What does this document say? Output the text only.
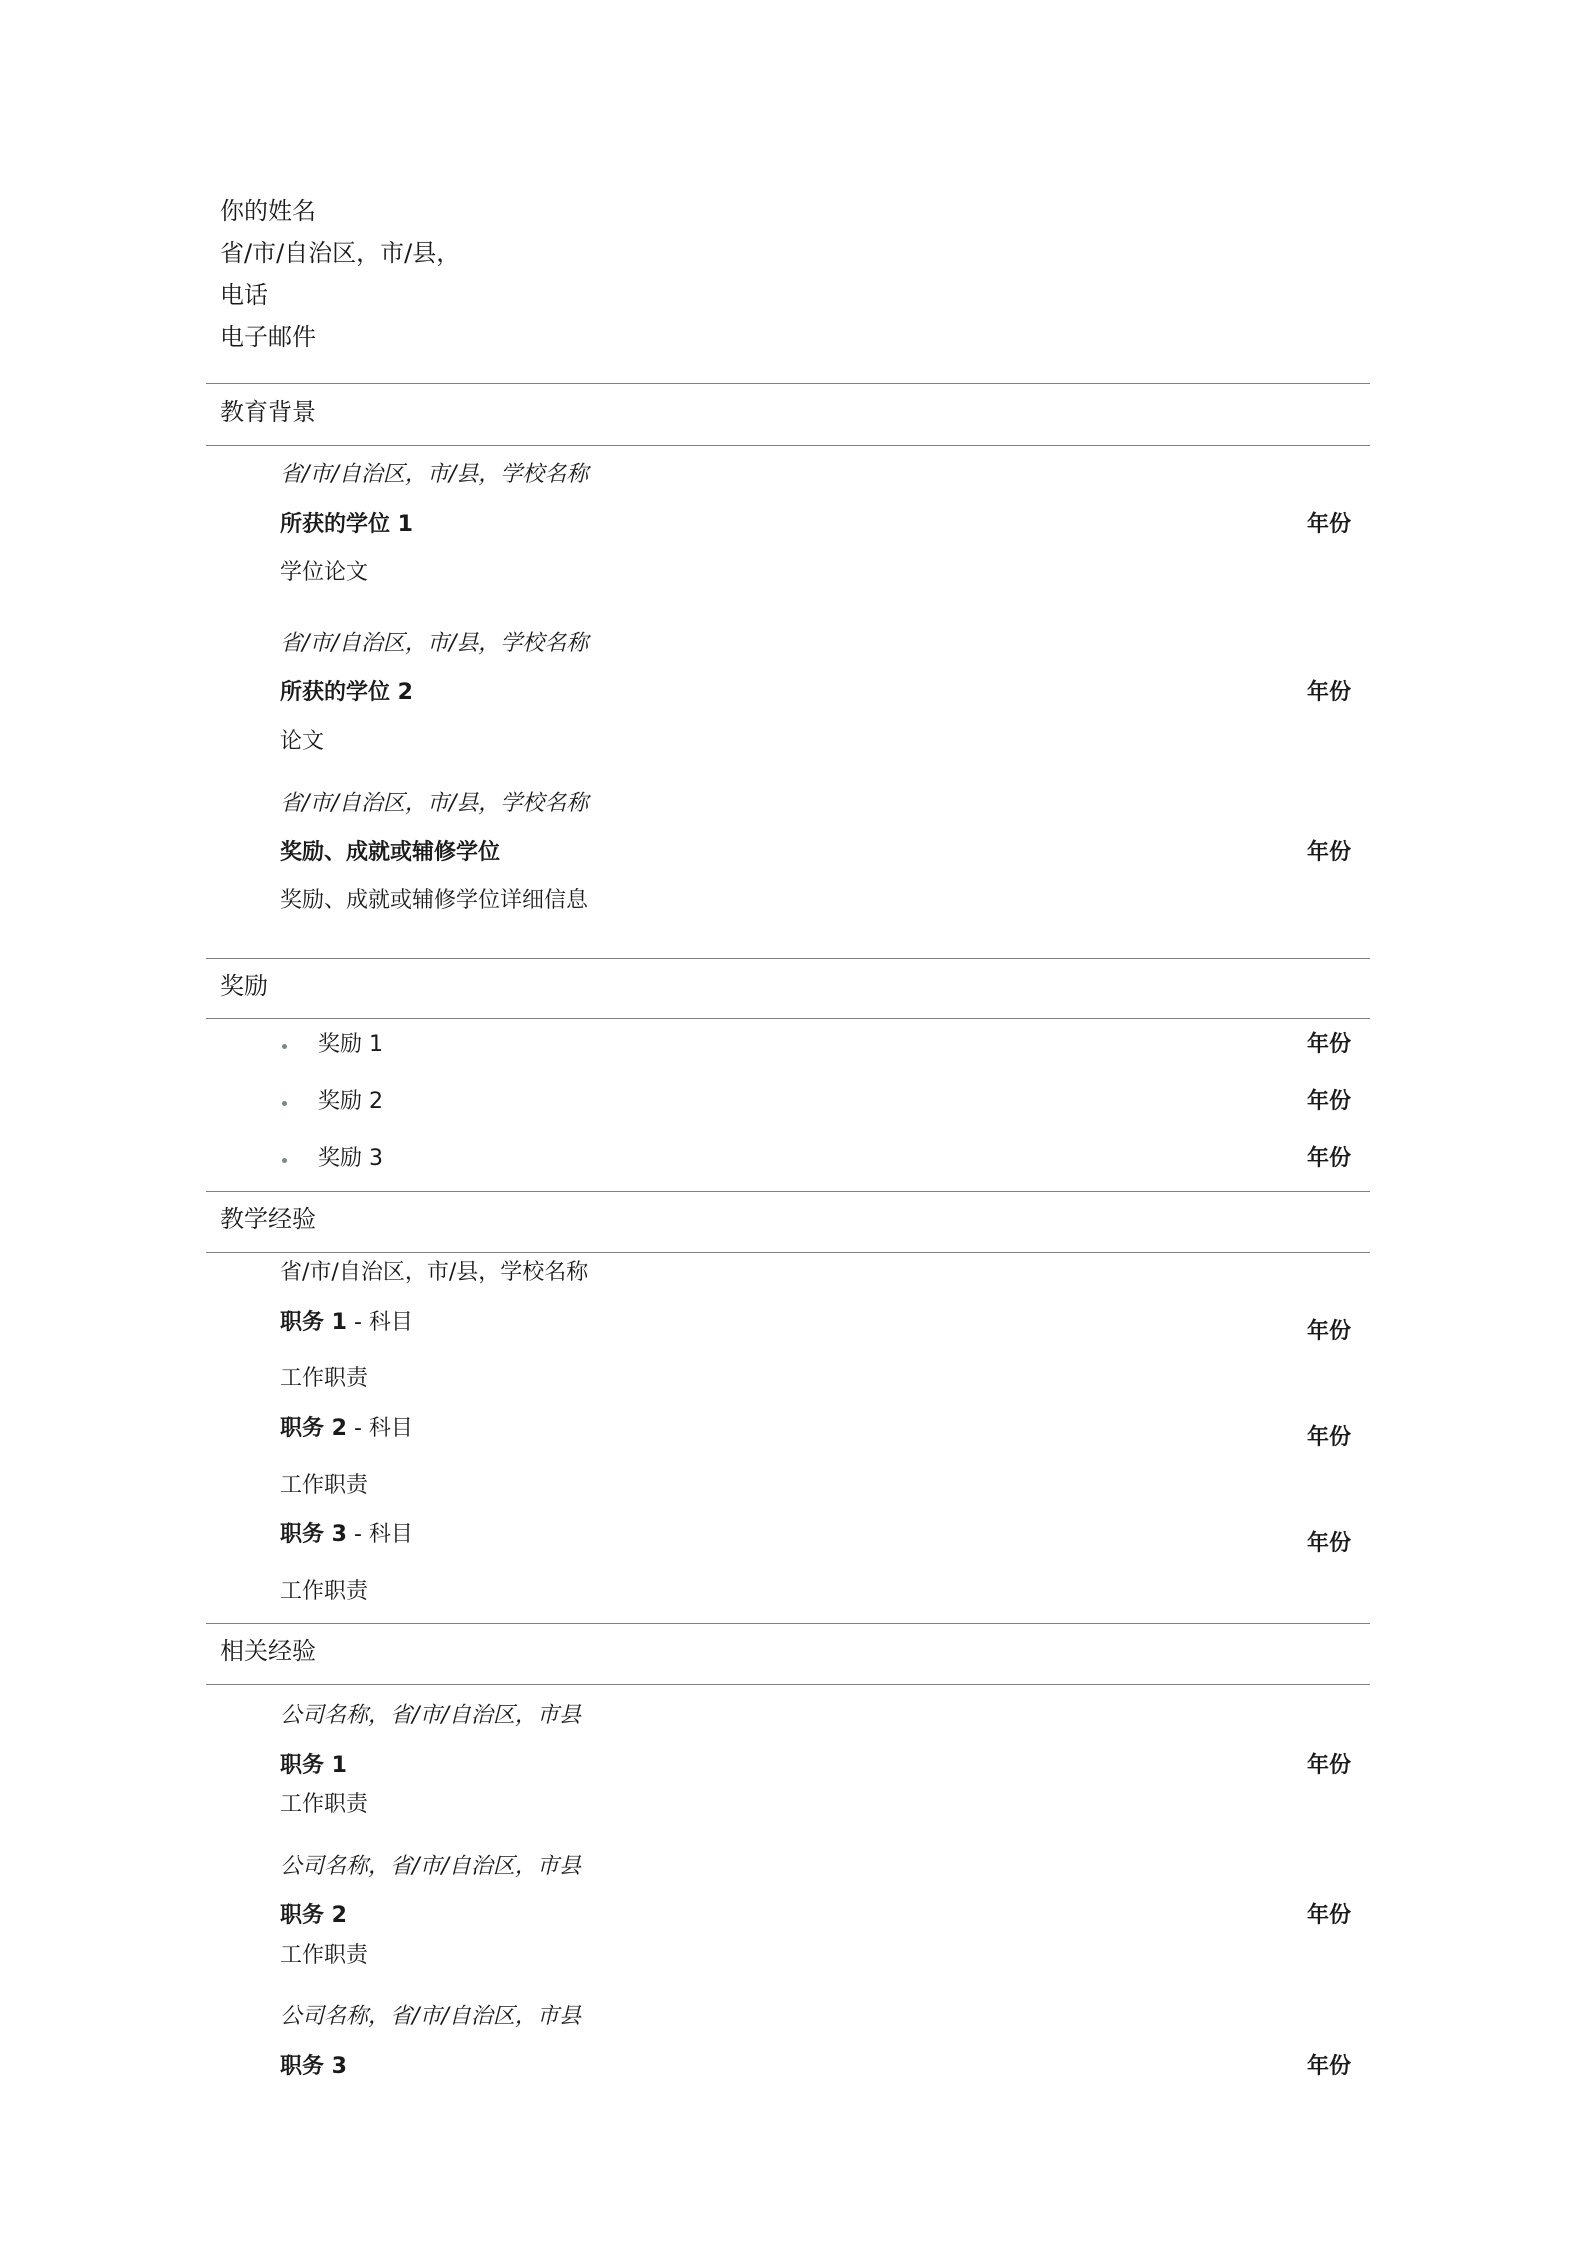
你的姓名
省/市/自治区，市/县，
电话
电子邮件
教育背景
省/市/自治区，市/县，学校名称
所获的学位 1	年份
学位论文
省/市/自治区，市/县，学校名称
所获的学位 2	年份
论文
省/市/自治区，市/县，学校名称
奖励、成就或辅修学位	年份
奖励、成就或辅修学位详细信息
奖励
奖励 1	年份
奖励 2	年份
奖励 3	年份
教学经验
省/市/自治区，市/县，学校名称
职务 1 - 科目	年份
工作职责
职务 2 - 科目	年份
工作职责
职务 3 - 科目	年份
工作职责
相关经验
公司名称，省/市/自治区，市县
职务 1	年份
工作职责
公司名称，省/市/自治区，市县
职务 2	年份
工作职责
公司名称，省/市/自治区，市县
职务 3	年份
